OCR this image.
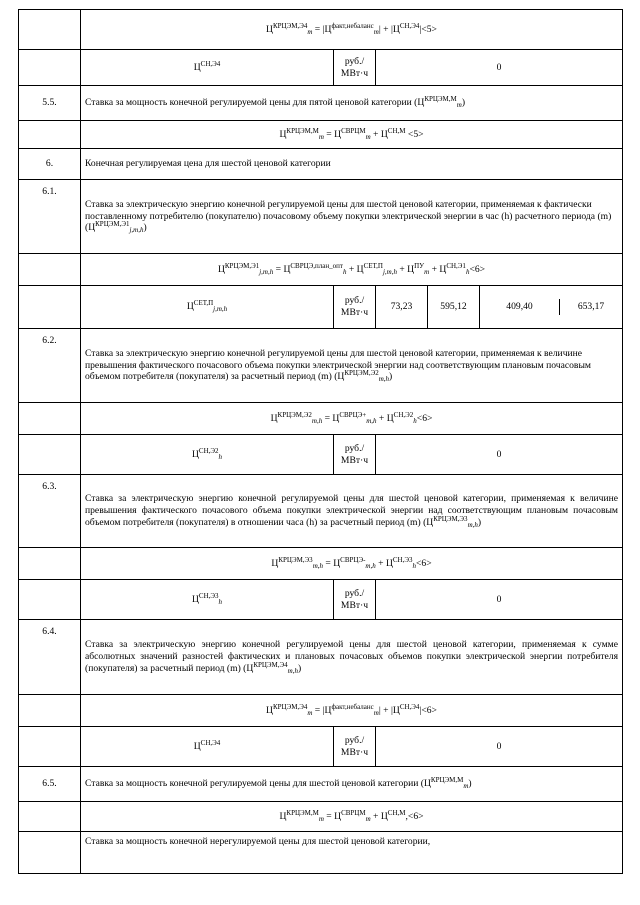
	$Ц^{КРЦЭМ,Э4}_m = |Ц^{факт,небаланс}_m| + |Ц^{СН,Э4}|<5>$
	$Ц^{СН,Э4}$	руб./
МВт·ч	0
5.5.	Ставка за мощность конечной регулируемой цены для пятой ценовой категории $(Ц^{КРЦЭМ,М}_m)$
	$Ц^{КРЦЭМ,М}_m = Ц^{СВРЦМ}_m + Ц^{СН,М} <5>$
6.	Конечная регулируемая цена для шестой ценовой категории
6.1.	Ставка за электрическую энергию конечной регулируемой цены для шестой ценовой категории, применяемая к фактически поставленному потребителю (покупателю) почасовому объему покупки электрической энергии в час (h) расчетного периода (m) $(Ц^{КРЦЭМ,Э1}_{j,m,h})$
	$Ц^{КРЦЭМ,Э1}_{j,m,h} = Ц^{СВРЦЭ,план\_опт}_h + Ц^{СЕТ,П}_{j,m,h} + Ц^{ПУ}_m + Ц^{СН,Э1}_h<6>$
	$Ц^{СЕТ,П}_{j,m,h}$	руб./
МВт·ч	73,23	595,12		409,40	653,17

6.2.	Ставка за электрическую энергию конечной регулируемой цены для шестой ценовой категории, применяемая к величине превышения фактического почасового объема покупки электрической энергии над соответствующим плановым почасовым объемом потребителя (покупателя) за расчетный период (m) $(Ц^{КРЦЭМ,Э2}_{m,h})$
	$Ц^{КРЦЭМ,Э2}_{m,h} = Ц^{СВРЦЭ+}_{m,h} + Ц^{СН,Э2}_h<6>$
	$Ц^{СН,Э2}_h$	руб./
МВт·ч	0
6.3.	Ставка за электрическую энергию конечной регулируемой цены для шестой ценовой категории, применяемая к величине превышения фактического почасового объема покупки электрической энергии над соответствующим плановым почасовым объемом потребителя (покупателя) в отношении часа (h) за расчетный период (m) $(Ц^{КРЦЭМ,Э3}_{m,h})$
	$Ц^{КРЦЭМ,Э3}_{m,h} = Ц^{СВРЦЭ-}_{m,h} + Ц^{СН,Э3}_h<6>$
	$Ц^{СН,Э3}_h$	руб./
МВт·ч	0
6.4.	Ставка за электрическую энергию конечной регулируемой цены для шестой ценовой категории, применяемая к сумме абсолютных значений разностей фактических и плановых почасовых объемов покупки электрической энергии потребителя (покупателя) за расчетный период (m) $(Ц^{КРЦЭМ,Э4}_{m,h})$
	$Ц^{КРЦЭМ,Э4}_m = |Ц^{факт,небаланс}_m| + |Ц^{СН,Э4}|<6>$
	$Ц^{СН,Э4}$	руб./
МВт·ч	0
6.5.	Ставка за мощность конечной регулируемой цены для шестой ценовой категории $(Ц^{КРЦЭМ,М}_m)$
	$Ц^{КРЦЭМ,М}_m = Ц^{СВРЦМ}_m + Ц^{СН,М},<6>$
	Ставка за мощность конечной нерегулируемой цены для шестой ценовой категории,
